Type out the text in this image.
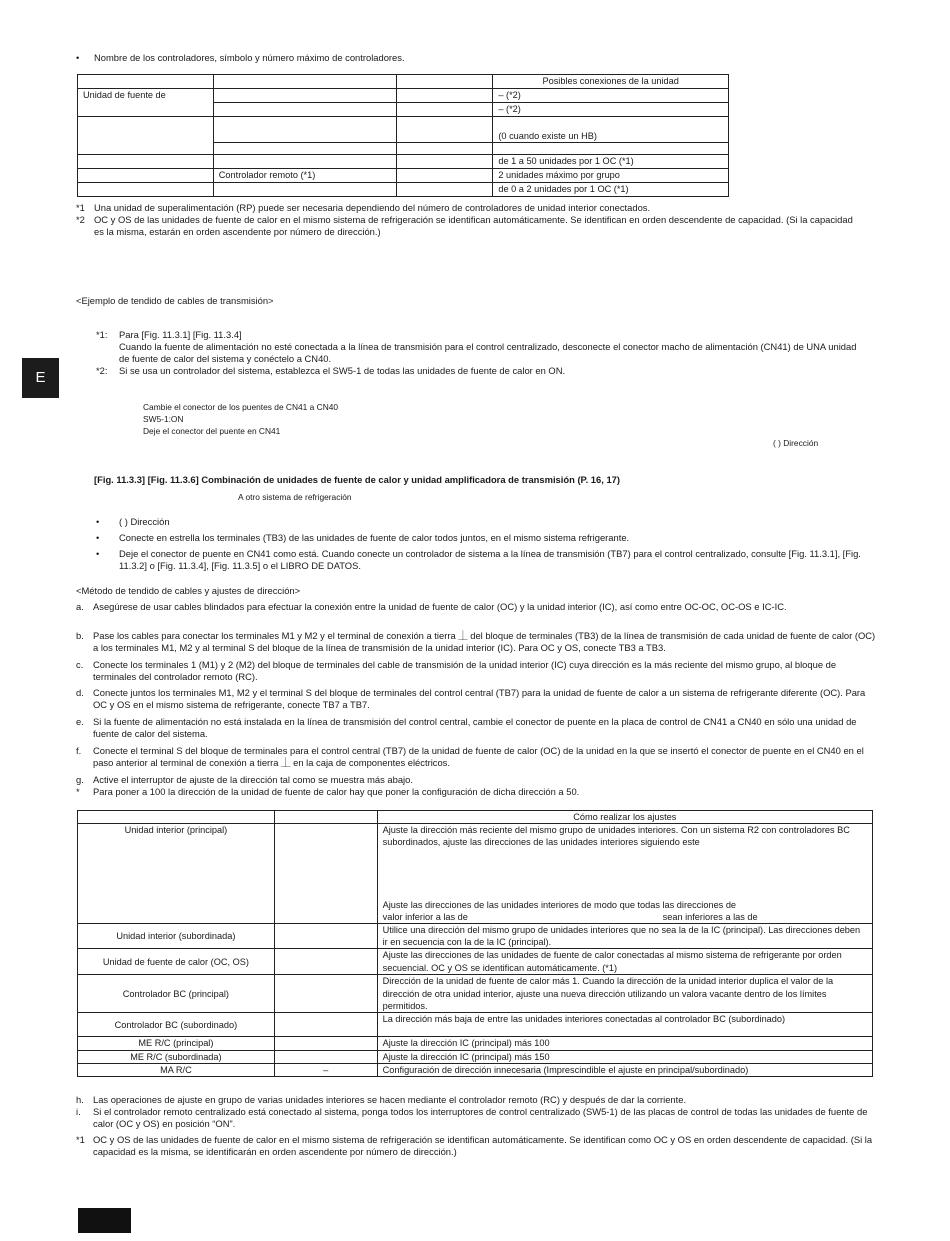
E
• Nombre de los controladores, símbolo y número máximo de controladores.
			Posibles conexiones de la unidad
Unidad de fuente de			– (*2)
			– (*2)
			(0 cuando existe un HB)

			de 1 a 50 unidades por 1 OC (*1)
	Controlador remoto (*1)		2 unidades máximo por grupo
			de 0 a 2 unidades por 1 OC (*1)
*1 Una unidad de superalimentación (RP) puede ser necesaria dependiendo del número de controladores de unidad interior conectados.
*2 OC y OS de las unidades de fuente de calor en el mismo sistema de refrigeración se identifican automáticamente. Se identifican en orden descendente de capacidad. (Si la capacidad es la misma, estarán en orden ascendente por número de dirección.)
<Ejemplo de tendido de cables de transmisión>
*1: Para [Fig. 11.3.1] [Fig. 11.3.4]
Cuando la fuente de alimentación no esté conectada a la línea de transmisión para el control centralizado, desconecte el conector macho de alimentación (CN41) de UNA unidad de fuente de calor del sistema y conéctelo a CN40.
*2: Si se usa un controlador del sistema, establezca el SW5-1 de todas las unidades de fuente de calor en ON.
Cambie el conector de los puentes de CN41 a CN40
SW5-1:ON
Deje el conector del puente en CN41
( ) Dirección
[Fig. 11.3.3] [Fig. 11.3.6] Combinación de unidades de fuente de calor y unidad amplificadora de transmisión (P. 16, 17)
A otro sistema de refrigeración
• ( ) Dirección
• Conecte en estrella los terminales (TB3) de las unidades de fuente de calor todos juntos, en el mismo sistema refrigerante.
• Deje el conector de puente en CN41 como está. Cuando conecte un controlador de sistema a la línea de transmisión (TB7) para el control centralizado, consulte [Fig. 11.3.1], [Fig. 11.3.2] o [Fig. 11.3.4], [Fig. 11.3.5] o el LIBRO DE DATOS.
<Método de tendido de cables y ajustes de dirección>
a. Asegúrese de usar cables blindados para efectuar la conexión entre la unidad de fuente de calor (OC) y la unidad interior (IC), así como entre OC-OC, OC-OS e IC-IC.
b. Pase los cables para conectar los terminales M1 y M2 y el terminal de conexión a tierra ⏊ del bloque de terminales (TB3) de la línea de transmisión de cada unidad de fuente de calor (OC) a los terminales M1, M2 y al terminal S del bloque de la línea de transmisión de la unidad interior (IC). Para OC y OS, conecte TB3 a TB3.
c. Conecte los terminales 1 (M1) y 2 (M2) del bloque de terminales del cable de transmisión de la unidad interior (IC) cuya dirección es la más reciente del mismo grupo, al bloque de terminales del controlador remoto (RC).
d. Conecte juntos los terminales M1, M2 y el terminal S del bloque de terminales del control central (TB7) para la unidad de fuente de calor a un sistema de refrigerante diferente (OC). Para OC y OS en el mismo sistema de refrigerante, conecte TB7 a TB7.
e. Si la fuente de alimentación no está instalada en la línea de transmisión del control central, cambie el conector de puente en la placa de control de CN41 a CN40 en sólo una unidad de fuente de calor del sistema.
f. Conecte el terminal S del bloque de terminales para el control central (TB7) de la unidad de fuente de calor (OC) de la unidad en la que se insertó el conector de puente en el CN40 en el paso anterior al terminal de conexión a tierra ⏊ en la caja de componentes eléctricos.
g. Active el interruptor de ajuste de la dirección tal como se muestra más abajo.
* Para poner a 100 la dirección de la unidad de fuente de calor hay que poner la configuración de dicha dirección a 50.
		Cómo realizar los ajustes
Unidad interior (principal)		Ajuste la dirección más reciente del mismo grupo de unidades interiores. Con un sistema R2 con controladores BC subordinados, ajuste las direcciones de las unidades interiores siguiendo este
Ajuste las direcciones de las unidades interiores de modo que todas las direcciones de
valor inferior a las de sean inferiores a las de

Unidad interior (subordinada)		Utilice una dirección del mismo grupo de unidades interiores que no sea la de la IC (principal). Las direcciones deben ir en secuencia con la de la IC (principal).
Unidad de fuente de calor (OC, OS)		Ajuste las direcciones de las unidades de fuente de calor conectadas al mismo sistema de refrigerante por orden secuencial. OC y OS se identifican automáticamente. (*1)
Controlador BC (principal)		Dirección de la unidad de fuente de calor más 1. Cuando la dirección de la unidad interior duplica el valor de la dirección de otra unidad interior, ajuste una nueva dirección utilizando un valora vacante dentro de los límites permitidos.
Controlador BC (subordinado)		La dirección más baja de entre las unidades interiores conectadas al controlador BC (subordinado)
ME R/C (principal)		Ajuste la dirección IC (principal) más 100
ME R/C (subordinada)		Ajuste la dirección IC (principal) más 150
MA R/C	–	Configuración de dirección innecesaria (Imprescindible el ajuste en principal/subordinado)
h. Las operaciones de ajuste en grupo de varias unidades interiores se hacen mediante el controlador remoto (RC) y después de dar la corriente.
i. Si el controlador remoto centralizado está conectado al sistema, ponga todos los interruptores de control centralizado (SW5-1) de las placas de control de todas las unidades de fuente de calor (OC y OS) en posición “ON”.
*1 OC y OS de las unidades de fuente de calor en el mismo sistema de refrigeración se identifican automáticamente. Se identifican como OC y OS en orden descendente de capacidad. (Si la capacidad es la misma, se identificarán en orden ascendente por número de dirección.)
